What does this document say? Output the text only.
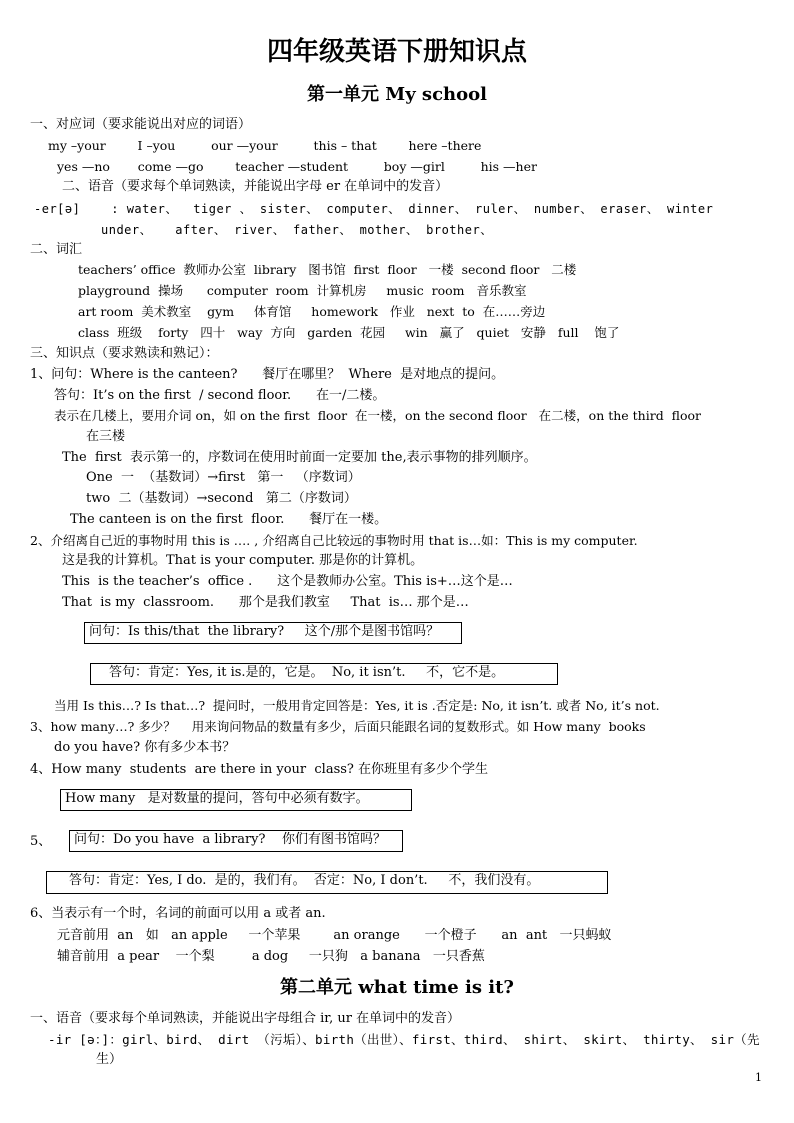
四年级英语下册知识点
第一单元 My school
一、对应词（要求能说出对应的词语）
my –your        I –you         our —your         this – that        here –there
yes —no       come —go        teacher —student         boy —girl         his —her
二、语音（要求每个单词熟读，并能说出字母 er 在单词中的发音）
-er[ə]    : water、  tiger 、 sister、 computer、 dinner、 ruler、 number、 eraser、 winter
under、   after、 river、 father、 mother、 brother、
二、词汇
teachers’ office  教师办公室  library   图书馆  first  floor   一楼  second floor   二楼
playground  操场      computer  room  计算机房     music  room   音乐教室
art room  美术教室    gym     体育馆     homework   作业   next  to  在……旁边
class  班级    forty   四十   way  方向   garden  花园     win   赢了   quiet   安静   full    饱了
三、知识点（要求熟读和熟记）：
1、问句：Where is the canteen?      餐厅在哪里？  Where  是对地点的提问。
答句：It’s on the first  / second floor.      在一/二楼。
表示在几楼上，要用介词 on，如 on the first  floor  在一楼，on the second floor   在二楼，on the third  floor
在三楼
The  first  表示第一的，序数词在使用时前面一定要加 the,表示事物的排列顺序。
One  一  （基数词）→first   第一   （序数词）
two  二（基数词）→second   第二（序数词）
The canteen is on the first  floor.      餐厅在一楼。
2、介绍离自己近的事物时用 this is …. , 介绍离自己比较远的事物时用 that is…如：This is my computer.
这是我的计算机。That is your computer. 那是你的计算机。
This  is the teacher’s  office .      这个是教师办公室。This is+…这个是…
That  is my  classroom.      那个是我们教室     That  is… 那个是…
问句：Is this/that  the library?     这个/那个是图书馆吗？
答句：肯定：Yes, it is.是的，它是。  No, it isn’t.     不，它不是。
当用 Is this…? Is that…?  提问时，一般用肯定回答是：Yes, it is .否定是: No, it isn’t. 或者 No, it’s not.
3、how many…? 多少？    用来询问物品的数量有多少，后面只能跟名词的复数形式。如 How many  books
do you have? 你有多少本书？
4、How many  students  are there in your  class? 在你班里有多少个学生
How many   是对数量的提问，答句中必须有数字。
5、	问句：Do you have  a library?    你们有图书馆吗？
答句：肯定：Yes, I do.  是的，我们有。  否定：No, I don’t.     不，我们没有。
6、当表示有一个时，名词的前面可以用 a 或者 an.
元音前用  an   如   an apple     一个苹果        an orange      一个橙子      an  ant   一只蚂蚁
辅音前用  a pear    一个梨         a dog     一只狗   a banana   一只香蕉
第二单元 what time is it?
一、语音（要求每个单词熟读，并能说出字母组合 ir, ur 在单词中的发音）
-ir [ə：]：girl、bird、 dirt （污垢）、birth（出世）、first、third、 shirt、 skirt、 thirty、 sir（先
生）
1
